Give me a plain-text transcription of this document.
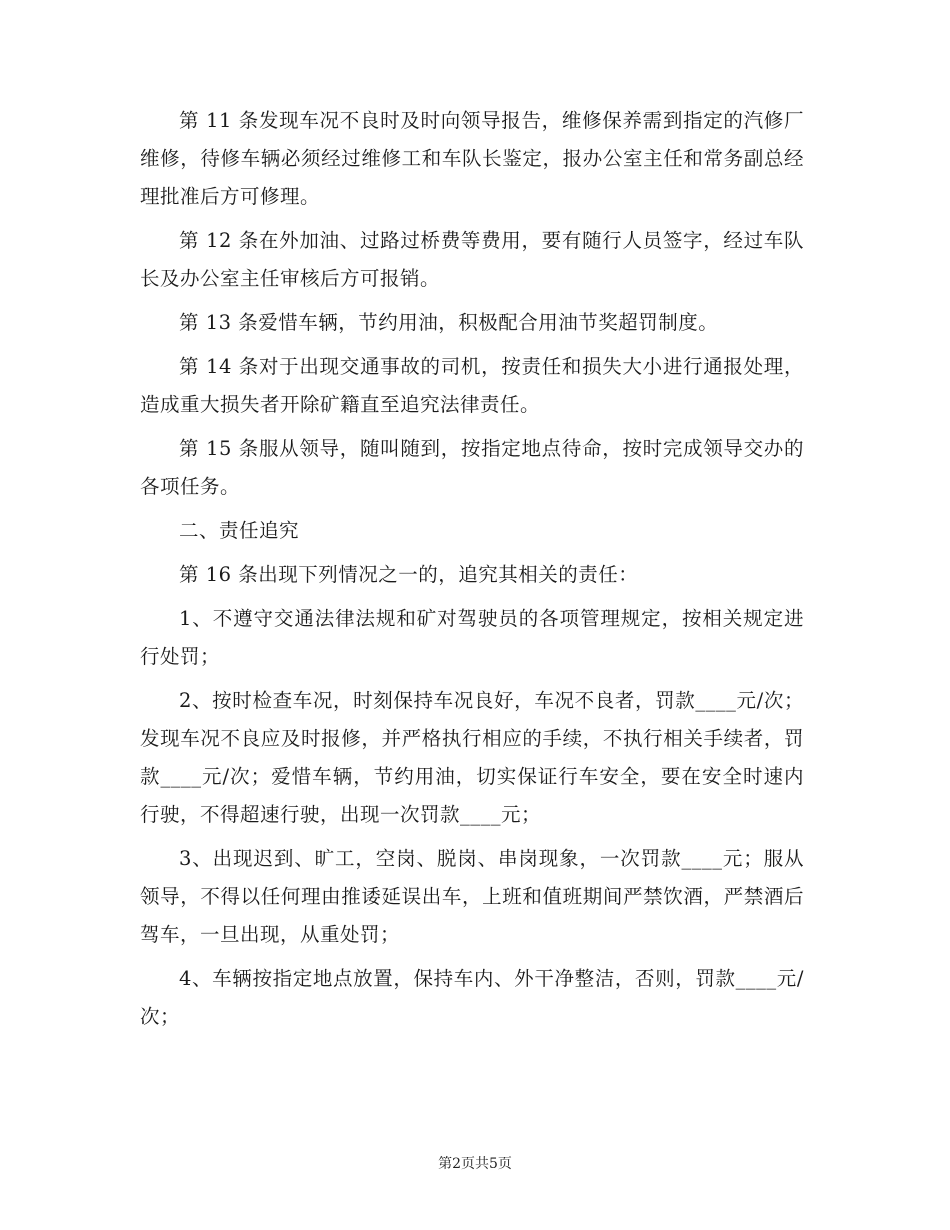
第 11 条发现车况不良时及时向领导报告，维修保养需到指定的汽修厂维修，待修车辆必须经过维修工和车队长鉴定，报办公室主任和常务副总经理批准后方可修理。

第 12 条在外加油、过路过桥费等费用，要有随行人员签字，经过车队长及办公室主任审核后方可报销。

第 13 条爱惜车辆，节约用油，积极配合用油节奖超罚制度。

第 14 条对于出现交通事故的司机，按责任和损失大小进行通报处理，造成重大损失者开除矿籍直至追究法律责任。

第 15 条服从领导，随叫随到，按指定地点待命，按时完成领导交办的各项任务。

二、责任追究

第 16 条出现下列情况之一的，追究其相关的责任：

1、不遵守交通法律法规和矿对驾驶员的各项管理规定，按相关规定进行处罚；

2、按时检查车况，时刻保持车况良好，车况不良者，罚款____元/次；发现车况不良应及时报修，并严格执行相应的手续，不执行相关手续者，罚款____元/次；爱惜车辆，节约用油，切实保证行车安全，要在安全时速内行驶，不得超速行驶，出现一次罚款____元；

3、出现迟到、旷工，空岗、脱岗、串岗现象，一次罚款____元；服从领导，不得以任何理由推诿延误出车，上班和值班期间严禁饮酒，严禁酒后驾车，一旦出现，从重处罚；

4、车辆按指定地点放置，保持车内、外干净整洁，否则，罚款____元/次；

第2页共5页
